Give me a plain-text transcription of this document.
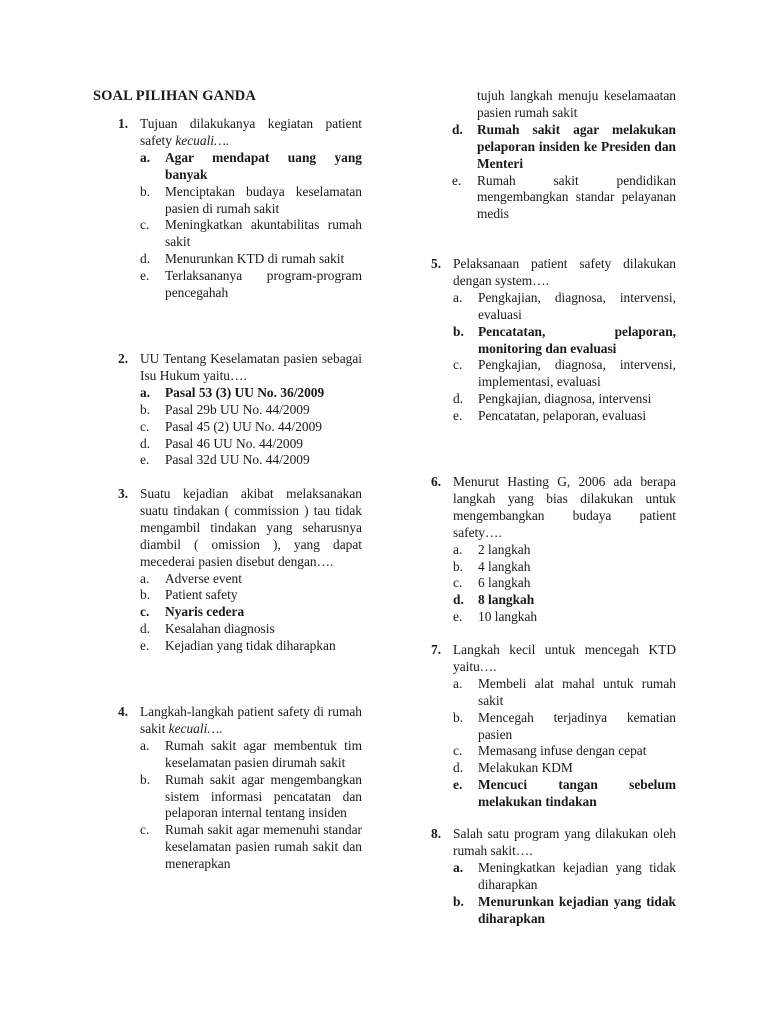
SOAL PILIHAN GANDA
1. Tujuan dilakukanya kegiatan patient safety kecuali….
a. Agar mendapat uang yang banyak
b. Menciptakan budaya keselamatan pasien di rumah sakit
c. Meningkatkan akuntabilitas rumah sakit
d. Menurunkan KTD di rumah sakit
e. Terlaksananya program-program pencegahah
2. UU Tentang Keselamatan pasien sebagai Isu Hukum yaitu….
a. Pasal 53 (3) UU No. 36/2009
b. Pasal 29b UU No. 44/2009
c. Pasal 45 (2) UU No. 44/2009
d. Pasal 46 UU No. 44/2009
e. Pasal 32d UU No. 44/2009
3. Suatu kejadian akibat melaksanakan suatu tindakan ( commission ) tau tidak mengambil tindakan yang seharusnya diambil ( omission ), yang dapat mecederai pasien disebut dengan….
a. Adverse event
b. Patient safety
c. Nyaris cedera
d. Kesalahan diagnosis
e. Kejadian yang tidak diharapkan
4. Langkah-langkah patient safety di rumah sakit kecuali….
a. Rumah sakit agar membentuk tim keselamatan pasien dirumah sakit
b. Rumah sakit agar mengembangkan sistem informasi pencatatan dan pelaporan internal tentang insiden
c. Rumah sakit agar memenuhi standar keselamatan pasien rumah sakit dan menerapkan
tujuh langkah menuju keselamaatan pasien rumah sakit
d. Rumah sakit agar melakukan pelaporan insiden ke Presiden dan Menteri
e. Rumah sakit pendidikan mengembangkan standar pelayanan medis
5. Pelaksanaan patient safety dilakukan dengan system….
a. Pengkajian, diagnosa, intervensi, evaluasi
b. Pencatatan, pelaporan, monitoring dan evaluasi
c. Pengkajian, diagnosa, intervensi, implementasi, evaluasi
d. Pengkajian, diagnosa, intervensi
e. Pencatatan, pelaporan, evaluasi
6. Menurut Hasting G, 2006 ada berapa langkah yang bias dilakukan untuk mengembangkan budaya patient safety….
a. 2 langkah
b. 4 langkah
c. 6 langkah
d. 8 langkah
e. 10 langkah
7. Langkah kecil untuk mencegah KTD yaitu….
a. Membeli alat mahal untuk rumah sakit
b. Mencegah terjadinya kematian pasien
c. Memasang infuse dengan cepat
d. Melakukan KDM
e. Mencuci tangan sebelum melakukan tindakan
8. Salah satu program yang dilakukan oleh rumah sakit….
a. Meningkatkan kejadian yang tidak diharapkan
b. Menurunkan kejadian yang tidak diharapkan
